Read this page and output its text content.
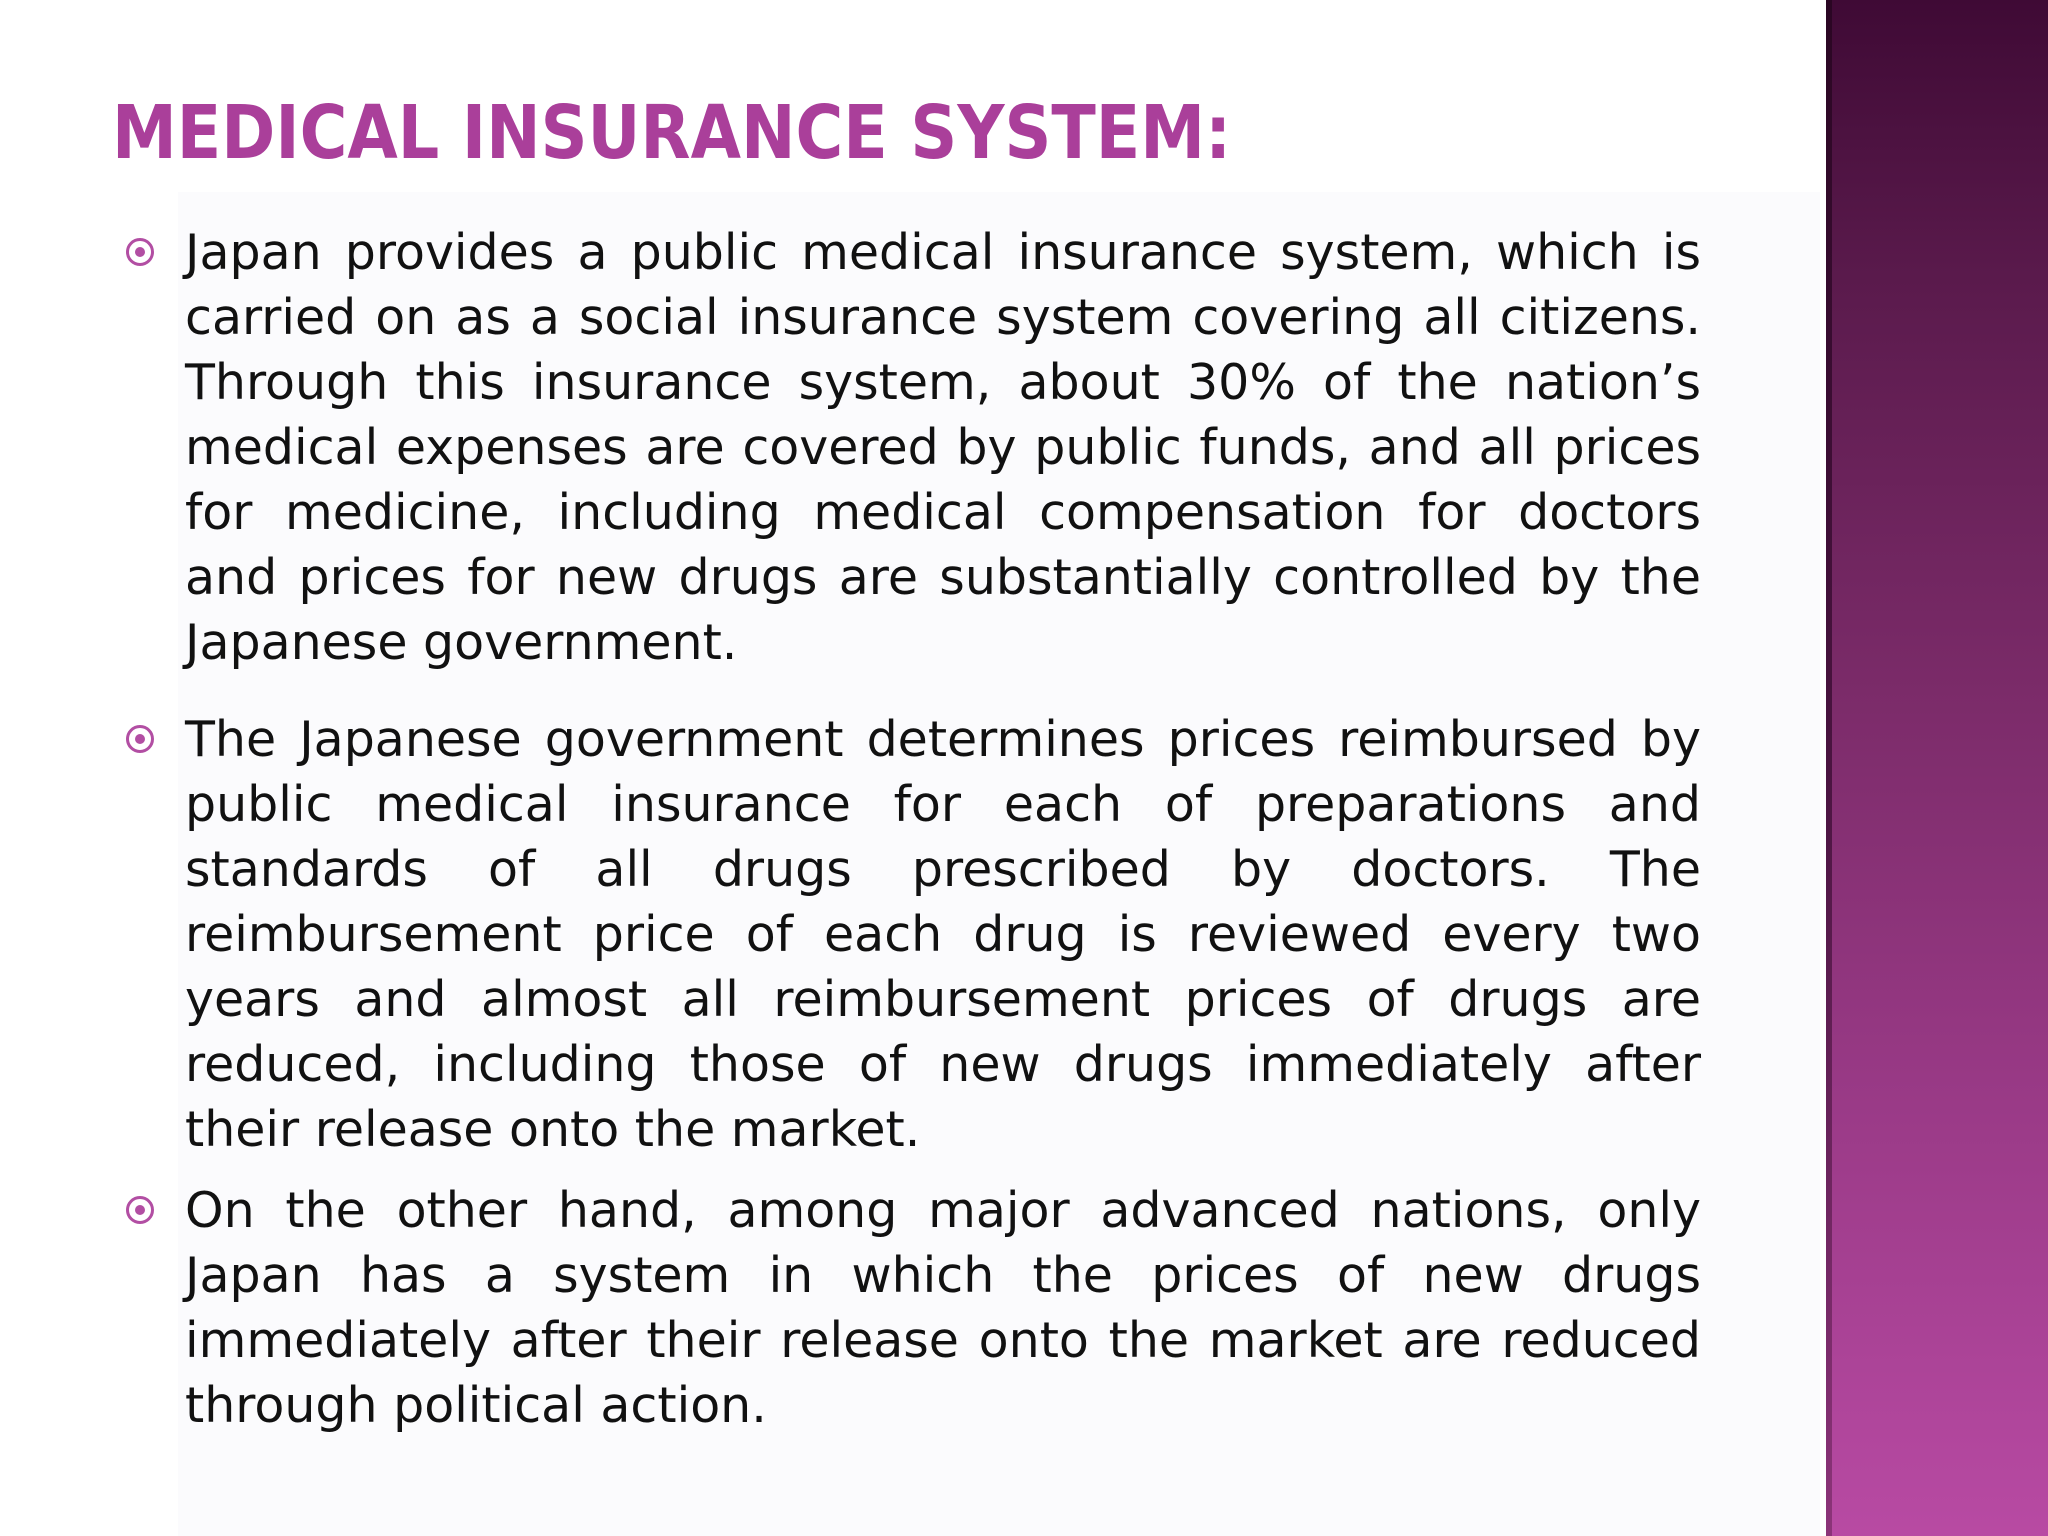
MEDICAL INSURANCE SYSTEM:

Japan provides a public medical insurance system, which is carried on as a social insurance system covering all citizens. Through this insurance system, about 30% of the nation’s medical expenses are covered by public funds, and all prices for medicine, including medical compensation for doctors and prices for new drugs are substantially controlled by the Japanese government.

The Japanese government determines prices reimbursed by public medical insurance for each of preparations and standards of all drugs prescribed by doctors. The reimbursement price of each drug is reviewed every two years and almost all reimbursement prices of drugs are reduced, including those of new drugs immediately after their release onto the market.

On the other hand, among major advanced nations, only Japan has a system in which the prices of new drugs immediately after their release onto the market are reduced through political action.
